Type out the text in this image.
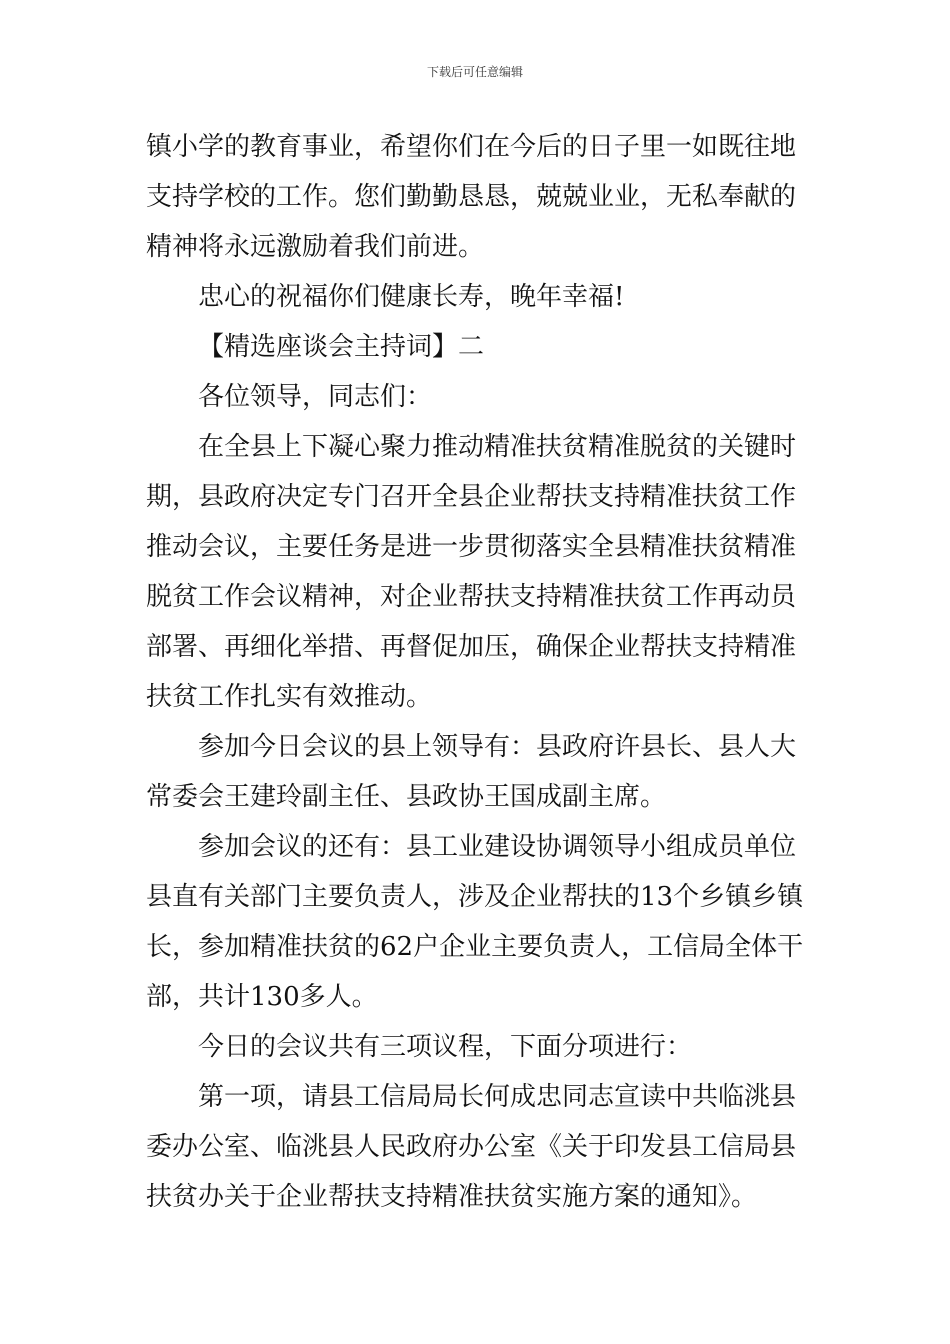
下载后可任意编辑
镇小学的教育事业，希望你们在今后的日子里一如既往地
支持学校的工作。您们勤勤恳恳，兢兢业业，无私奉献的
精神将永远激励着我们前进。
忠心的祝福你们健康长寿，晚年幸福!
【精选座谈会主持词】二
各位领导，同志们：
在全县上下凝心聚力推动精准扶贫精准脱贫的关键时
期，县政府决定专门召开全县企业帮扶支持精准扶贫工作
推动会议，主要任务是进一步贯彻落实全县精准扶贫精准
脱贫工作会议精神，对企业帮扶支持精准扶贫工作再动员
部署、再细化举措、再督促加压，确保企业帮扶支持精准
扶贫工作扎实有效推动。
参加今日会议的县上领导有：县政府许县长、县人大
常委会王建玲副主任、县政协王国成副主席。
参加会议的还有：县工业建设协调领导小组成员单位
县直有关部门主要负责人，涉及企业帮扶的13个乡镇乡镇
长，参加精准扶贫的62户企业主要负责人，工信局全体干
部，共计130多人。
今日的会议共有三项议程，下面分项进行：
第一项，请县工信局局长何成忠同志宣读中共临洮县
委办公室、临洮县人民政府办公室《关于印发县工信局县
扶贫办关于企业帮扶支持精准扶贫实施方案的通知》。
